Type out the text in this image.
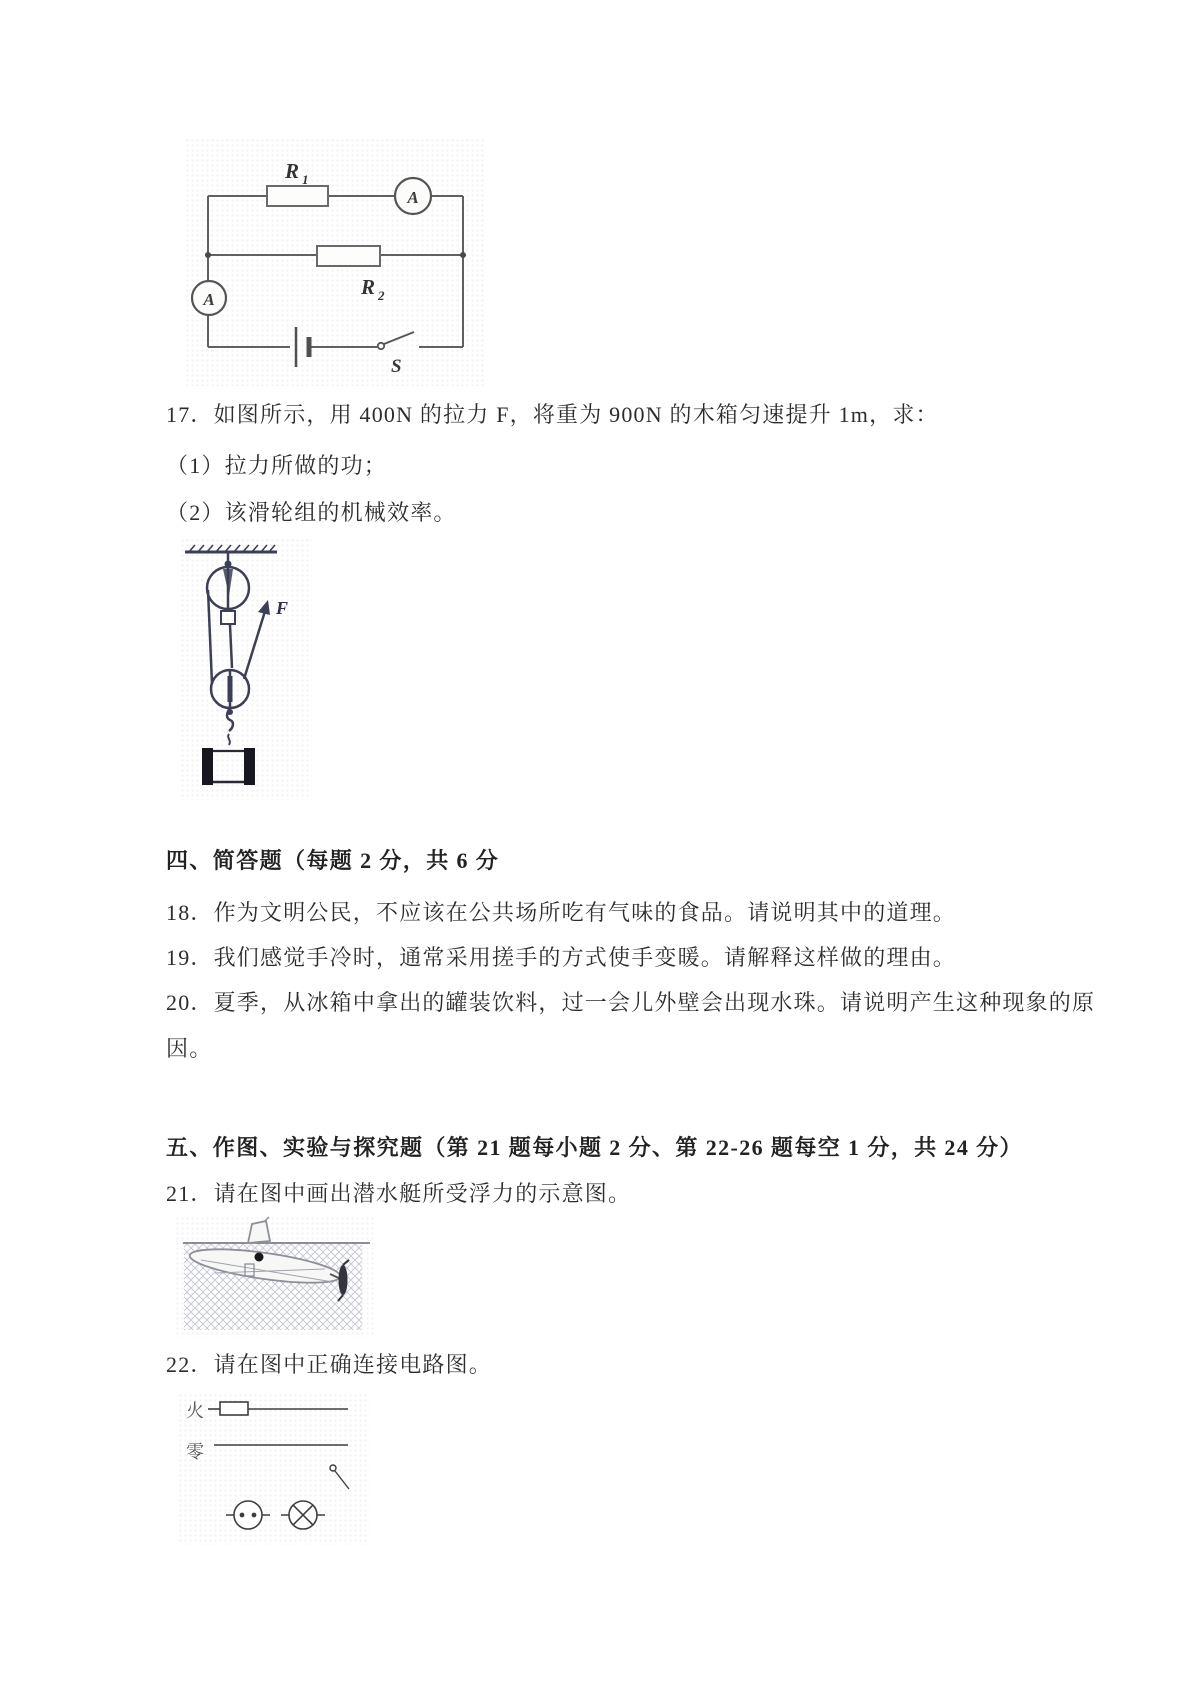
A
A
R 1
R 2
S
17．如图所示，用 400N 的拉力 F，将重为 900N 的木箱匀速提升 1m，求：
（1）拉力所做的功；
（2）该滑轮组的机械效率。
F
四、简答题（每题 2 分，共 6 分
18．作为文明公民，不应该在公共场所吃有气味的食品。请说明其中的道理。
19．我们感觉手冷时，通常采用搓手的方式使手变暖。请解释这样做的理由。
20．夏季，从冰箱中拿出的罐装饮料，过一会儿外壁会出现水珠。请说明产生这种现象的原
因。
五、作图、实验与探究题（第 21 题每小题 2 分、第 22-26 题每空 1 分，共 24 分）
21．请在图中画出潜水艇所受浮力的示意图。
22．请在图中正确连接电路图。
火
零
